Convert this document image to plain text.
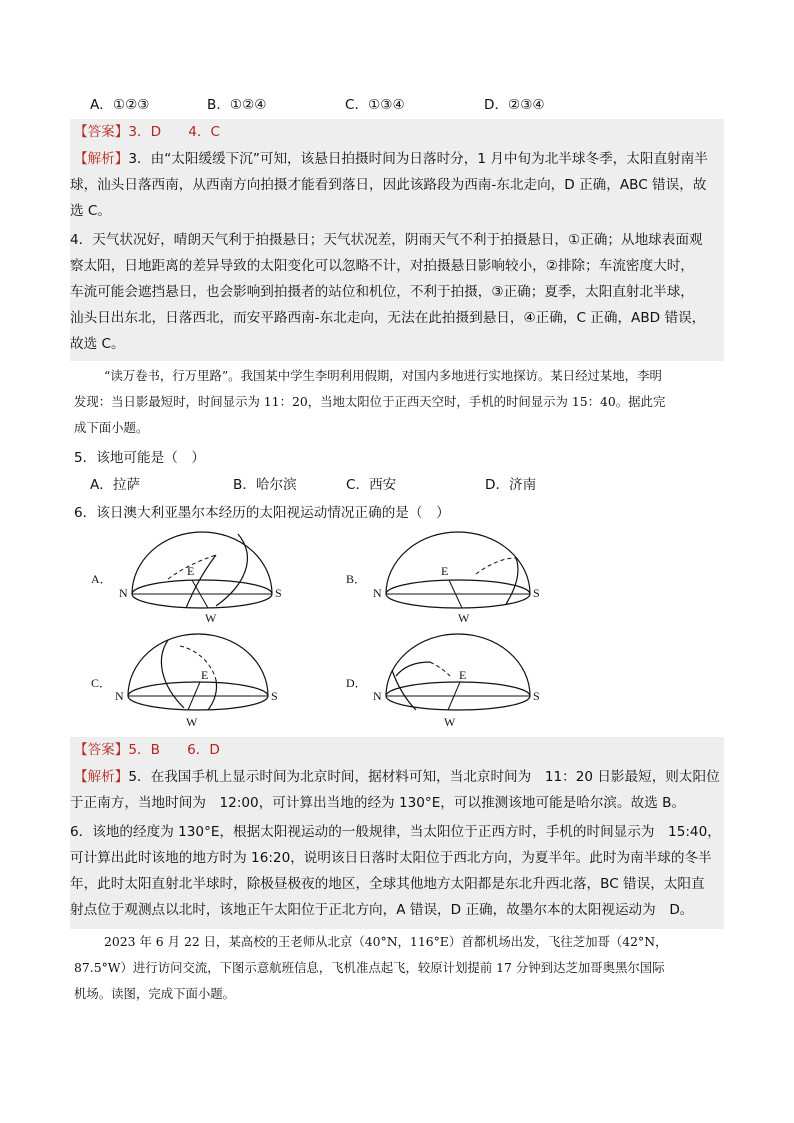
A．①②③	B．①②④	C．①③④	D．②③④
【答案】3．D　　4．C
【解析】3．由“太阳缓缓下沉”可知，该悬日拍摄时间为日落时分，1 月中旬为北半球冬季，太阳直射南半
球，汕头日落西南，从西南方向拍摄才能看到落日，因此该路段为西南-东北走向，D 正确，ABC 错误，故
选 C。
4．天气状况好，晴朗天气利于拍摄悬日；天气状况差，阴雨天气不利于拍摄悬日，①正确；从地球表面观
察太阳，日地距离的差异导致的太阳变化可以忽略不计，对拍摄悬日影响较小，②排除；车流密度大时，
车流可能会遮挡悬日，也会影响到拍摄者的站位和机位，不利于拍摄，③正确；夏季，太阳直射北半球，
汕头日出东北，日落西北，而安平路西南-东北走向，无法在此拍摄到悬日，④正确，C 正确，ABD 错误，
故选 C。
“读万卷书，行万里路”。我国某中学生李明利用假期，对国内多地进行实地探访。某日经过某地，李明
发现：当日影最短时，时间显示为 11：20，当地太阳位于正西天空时，手机的时间显示为 15：40。据此完
成下面小题。
5．该地可能是（　）
A．拉萨	B．哈尔滨	C．西安	D．济南
6．该日澳大利亚墨尔本经历的太阳视运动情况正确的是（　）
A．
N	S
E
W
B．
N	S
E
W
C．
N	S
E
W
D．
N	S
E
W
【答案】5．B　　6．D
【解析】5．在我国手机上显示时间为北京时间，据材料可知，当北京时间为　11：20 日影最短，则太阳位
于正南方，当地时间为　12:00，可计算出当地的经为 130°E，可以推测该地可能是哈尔滨。故选 B。
6．该地的经度为 130°E，根据太阳视运动的一般规律，当太阳位于正西方时，手机的时间显示为　15:40，
可计算出此时该地的地方时为 16:20，说明该日日落时太阳位于西北方向，为夏半年。此时为南半球的冬半
年，此时太阳直射北半球时，除极昼极夜的地区，全球其他地方太阳都是东北升西北落，BC 错误，太阳直
射点位于观测点以北时，该地正午太阳位于正北方向，A 错误，D 正确，故墨尔本的太阳视运动为　D。
2023 年 6 月 22 日，某高校的王老师从北京（40°N，116°E）首都机场出发，飞往芝加哥（42°N，
87.5°W）进行访问交流，下图示意航班信息，飞机准点起飞，较原计划提前 17 分钟到达芝加哥奥黑尔国际
机场。读图，完成下面小题。
